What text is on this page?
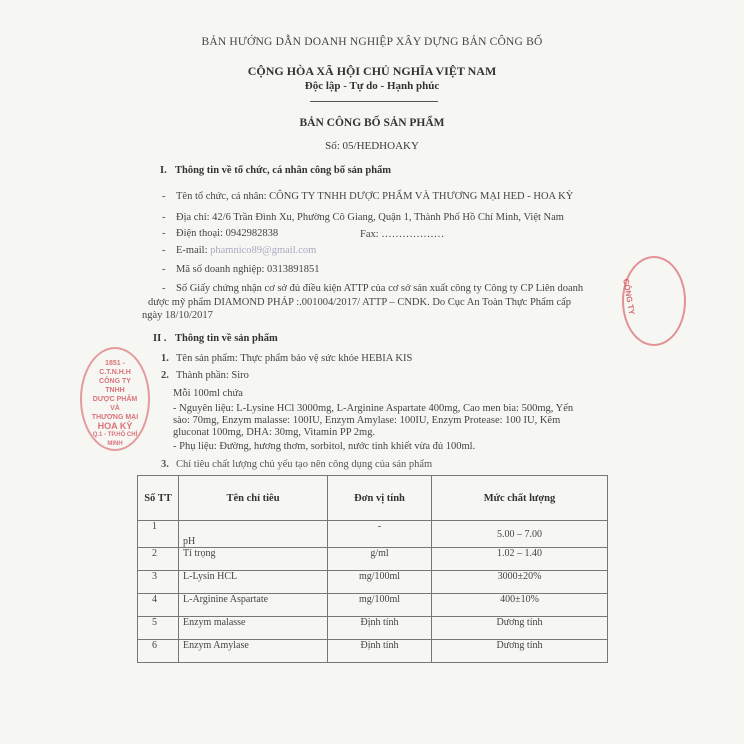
BẢN HƯỚNG DẪN DOANH NGHIỆP XÂY DỰNG BẢN CÔNG BỐ
CỘNG HÒA XÃ HỘI CHỦ NGHĨA VIỆT NAM
Độc lập - Tự do - Hạnh phúc
BẢN CÔNG BỐ SẢN PHẨM
Số: 05/HEDHOAKY
I. Thông tin về tổ chức, cá nhân công bố sản phẩm
- Tên tổ chức, cá nhân: CÔNG TY TNHH DƯỢC PHẨM VÀ THƯƠNG MẠI HED - HOA KỲ
- Địa chỉ: 42/6 Trần Đình Xu, Phường Cô Giang, Quận 1, Thành Phố Hồ Chí Minh, Việt Nam
- Điện thoại: 0942982838	Fax: ………………
- E-mail: phamnico89@gmail.com
- Mã số doanh nghiệp: 0313891851
- Số Giấy chứng nhận cơ sở đủ điều kiện ATTP của cơ sở sản xuất công ty Công ty CP Liên doanh
dược mỹ phẩm DIAMOND PHÁP :.001004/2017/ ATTP – CNDK. Do Cục An Toàn Thực Phẩm cấp
ngày 18/10/2017
II . Thông tin về sản phẩm
1. Tên sản phẩm: Thực phẩm bảo vệ sức khỏe HEBIA KIS
2. Thành phần: Siro
Mỗi 100ml chứa
- Nguyên liệu: L-Lysine HCl 3000mg, L-Arginine Aspartate 400mg, Cao men bia: 500mg, Yến
sào: 70mg, Enzym malasse: 100IU, Enzym Amylase: 100IU, Enzym Protease: 100 IU, Kẽm
gluconat 100mg, DHA: 30mg, Vitamin PP 2mg.
- Phụ liệu: Đường, hương thơm, sorbitol, nước tinh khiết vừa đủ 100ml.
3. Chỉ tiêu chất lượng chủ yếu tạo nên công dụng của sản phẩm
1851 - C.T.N.H.H
CÔNG TY
TNHH
DƯỢC PHẨM VÀ
THƯƠNG MẠI
HOA KỲ
Q.1 - TP.HỒ CHÍ MINH
CÔNG TY
Số TT	Tên chỉ tiêu	Đơn vị tính	Mức chất lượng
1	pH	-	5.00 – 7.00
2	Tỉ trọng	g/ml	1.02 – 1.40
3	L-Lysin HCL	mg/100ml	3000±20%
4	L-Arginine Aspartate	mg/100ml	400±10%
5	Enzym malasse	Định tính	Dương tính
6	Enzym Amylase	Định tính	Dương tính
